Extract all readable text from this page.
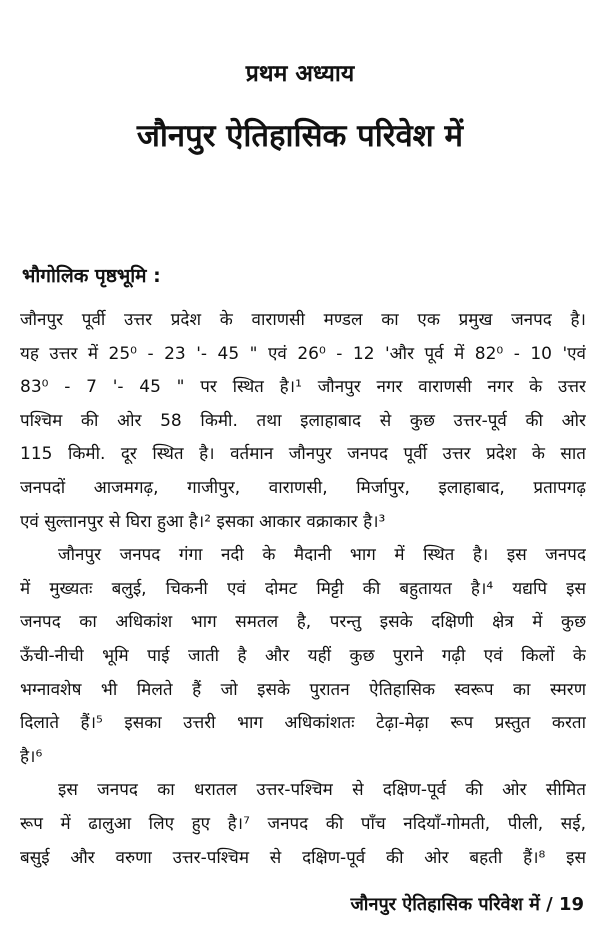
प्रथम अध्याय
जौनपुर ऐतिहासिक परिवेश में
भौगोलिक पृष्ठभूमि :
जौनपुर पूर्वी उत्तर प्रदेश के वाराणसी मण्डल का एक प्रमुख जनपद है।
यह उत्तर में 25⁰ - 23 '- 45 " एवं 26⁰ - 12 'और पूर्व में 82⁰ - 10 'एवं
83⁰ - 7 '- 45 " पर स्थित है।¹ जौनपुर नगर वाराणसी नगर के उत्तर
पश्चिम की ओर 58 किमी. तथा इलाहाबाद से कुछ उत्तर-पूर्व की ओर
115 किमी. दूर स्थित है। वर्तमान जौनपुर जनपद पूर्वी उत्तर प्रदेश के सात
जनपदों आजमगढ़, गाजीपुर, वाराणसी, मिर्जापुर, इलाहाबाद, प्रतापगढ़
एवं सुल्तानपुर से घिरा हुआ है।² इसका आकार वक्राकार है।³
जौनपुर जनपद गंगा नदी के मैदानी भाग में स्थित है। इस जनपद
में मुख्यतः बलुई, चिकनी एवं दोमट मिट्टी की बहुतायत है।⁴ यद्यपि इस
जनपद का अधिकांश भाग समतल है, परन्तु इसके दक्षिणी क्षेत्र में कुछ
ऊँची-नीची भूमि पाई जाती है और यहीं कुछ पुराने गढ़ी एवं किलों के
भग्नावशेष भी मिलते हैं जो इसके पुरातन ऐतिहासिक स्वरूप का स्मरण
दिलाते हैं।⁵ इसका उत्तरी भाग अधिकांशतः टेढ़ा-मेढ़ा रूप प्रस्तुत करता
है।⁶
इस जनपद का धरातल उत्तर-पश्चिम से दक्षिण-पूर्व की ओर सीमित
रूप में ढालुआ लिए हुए है।⁷ जनपद की पाँच नदियाँ-गोमती, पीली, सई,
बसुई और वरुणा उत्तर-पश्चिम से दक्षिण-पूर्व की ओर बहती हैं।⁸ इस
जौनपुर ऐतिहासिक परिवेश में / 19
